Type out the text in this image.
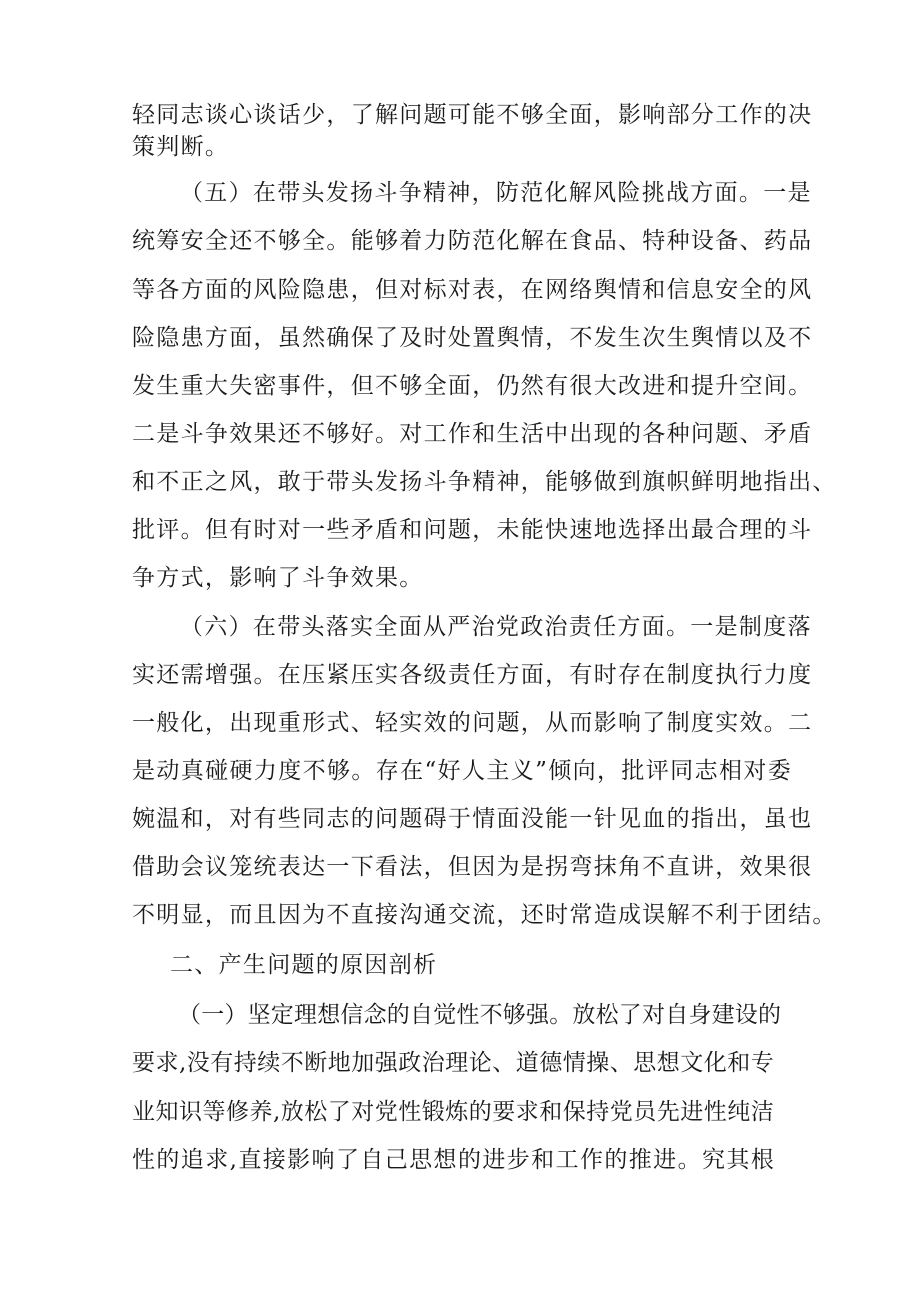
轻同志谈心谈话少，了解问题可能不够全面，影响部分工作的决
策判断。
（五）在带头发扬斗争精神，防范化解风险挑战方面。一是
统筹安全还不够全。能够着力防范化解在食品、特种设备、药品
等各方面的风险隐患，但对标对表，在网络舆情和信息安全的风
险隐患方面，虽然确保了及时处置舆情，不发生次生舆情以及不
发生重大失密事件，但不够全面，仍然有很大改进和提升空间。
二是斗争效果还不够好。对工作和生活中出现的各种问题、矛盾
和不正之风，敢于带头发扬斗争精神，能够做到旗帜鲜明地指出、
批评。但有时对一些矛盾和问题，未能快速地选择出最合理的斗
争方式，影响了斗争效果。
（六）在带头落实全面从严治党政治责任方面。一是制度落
实还需增强。在压紧压实各级责任方面，有时存在制度执行力度
一般化，出现重形式、轻实效的问题，从而影响了制度实效。二
是动真碰硬力度不够。存在“好人主义”倾向，批评同志相对委
婉温和，对有些同志的问题碍于情面没能一针见血的指出，虽也
借助会议笼统表达一下看法，但因为是拐弯抹角不直讲，效果很
不明显，而且因为不直接沟通交流，还时常造成误解不利于团结。
二、产生问题的原因剖析
（一）坚定理想信念的自觉性不够强。放松了对自身建设的
要求,没有持续不断地加强政治理论、道德情操、思想文化和专
业知识等修养,放松了对党性锻炼的要求和保持党员先进性纯洁
性的追求,直接影响了自己思想的进步和工作的推进。究其根
